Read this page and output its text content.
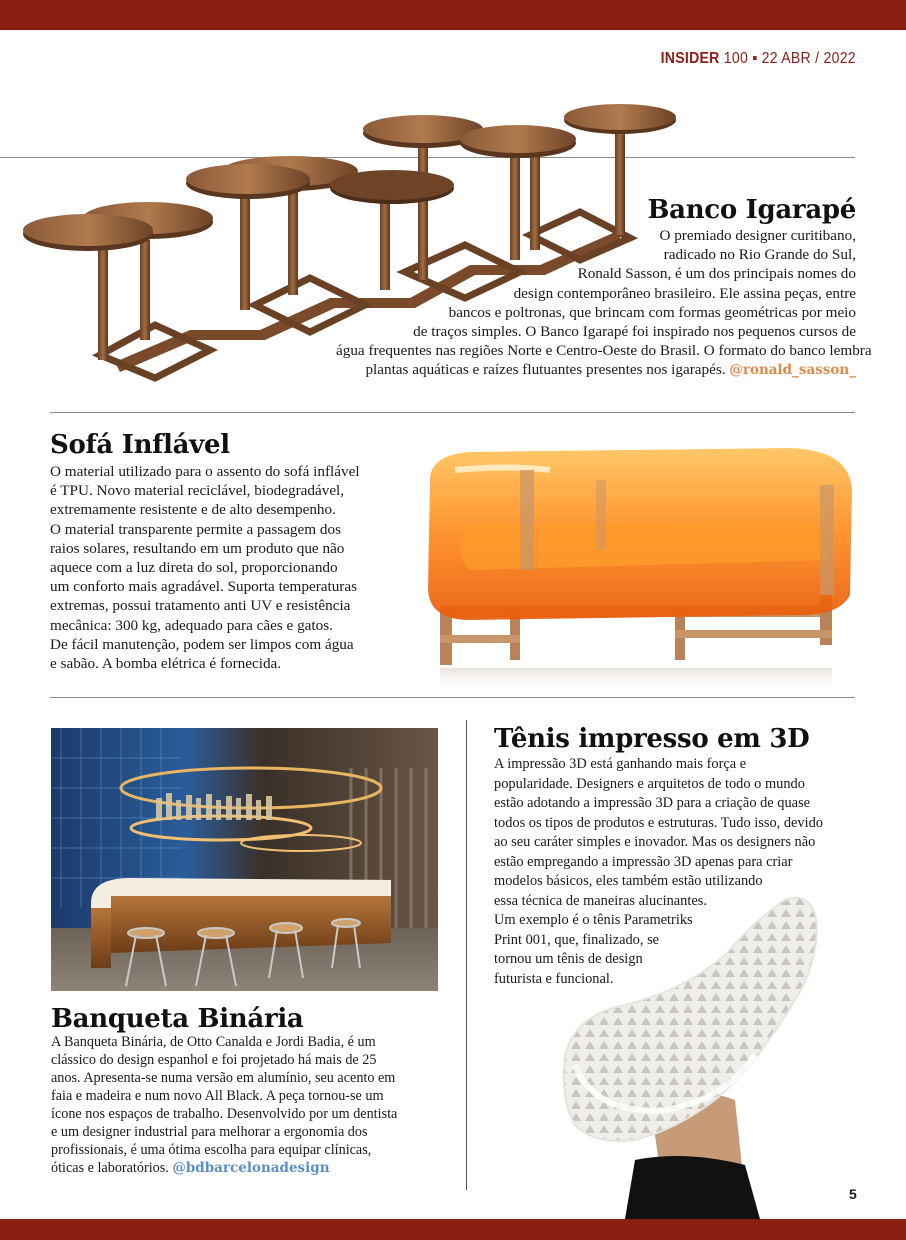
INSIDER 100 ▪ 22 ABR / 2022
Banco Igarapé
O premiado designer curitibano,
radicado no Rio Grande do Sul,
Ronald Sasson, é um dos principais nomes do
design contemporâneo brasileiro. Ele assina peças, entre
bancos e poltronas, que brincam com formas geométricas por meio
de traços simples. O Banco Igarapé foi inspirado nos pequenos cursos de
água frequentes nas regiões Norte e Centro-Oeste do Brasil. O formato do banco lembra
plantas aquáticas e raízes flutuantes presentes nos igarapés. @ronald_sasson_
Sofá Inflável
O material utilizado para o assento do sofá inflável
é TPU. Novo material reciclável, biodegradável,
extremamente resistente e de alto desempenho.
O material transparente permite a passagem dos
raios solares, resultando em um produto que não
aquece com a luz direta do sol, proporcionando
um conforto mais agradável. Suporta temperaturas
extremas, possui tratamento anti UV e resistência
mecânica: 300 kg, adequado para cães e gatos.
De fácil manutenção, podem ser limpos com água
e sabão. A bomba elétrica é fornecida.
Banqueta Binária
A Banqueta Binária, de Otto Canalda e Jordi Badia, é um
clássico do design espanhol e foi projetado há mais de 25
anos. Apresenta-se numa versão em alumínio, seu acento em
faia e madeira e num novo All Black. A peça tornou-se um
ícone nos espaços de trabalho. Desenvolvido por um dentista
e um designer industrial para melhorar a ergonomia dos
profissionais, é uma ótima escolha para equipar clínicas,
óticas e laboratórios. @bdbarcelonadesign
Tênis impresso em 3D
A impressão 3D está ganhando mais força e
popularidade. Designers e arquitetos de todo o mundo
estão adotando a impressão 3D para a criação de quase
todos os tipos de produtos e estruturas. Tudo isso, devido
ao seu caráter simples e inovador. Mas os designers não
estão empregando a impressão 3D apenas para criar
modelos básicos, eles também estão utilizando
essa técnica de maneiras alucinantes.
Um exemplo é o tênis Parametriks
Print 001, que, finalizado, se
tornou um tênis de design
futurista e funcional.
5
